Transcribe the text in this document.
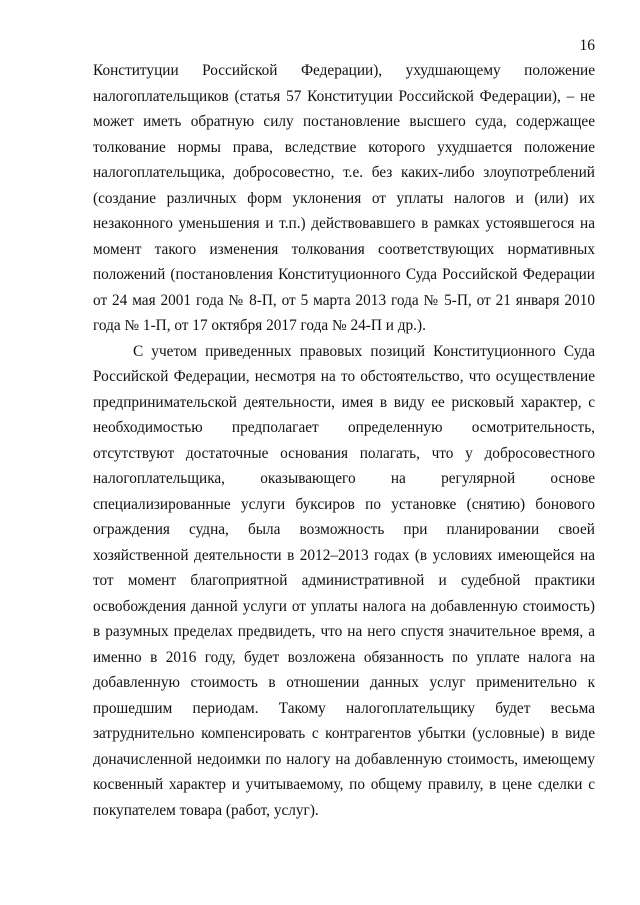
16

Конституции Российской Федерации), ухудшающему положение налогоплательщиков (статья 57 Конституции Российской Федерации), – не может иметь обратную силу постановление высшего суда, содержащее толкование нормы права, вследствие которого ухудшается положение налогоплательщика, добросовестно, т.е. без каких-либо злоупотреблений (создание различных форм уклонения от уплаты налогов и (или) их незаконного уменьшения и т.п.) действовавшего в рамках устоявшегося на момент такого изменения толкования соответствующих нормативных положений (постановления Конституционного Суда Российской Федерации от 24 мая 2001 года № 8-П, от 5 марта 2013 года № 5-П, от 21 января 2010 года № 1-П, от 17 октября 2017 года № 24-П и др.).

С учетом приведенных правовых позиций Конституционного Суда Российской Федерации, несмотря на то обстоятельство, что осуществление предпринимательской деятельности, имея в виду ее рисковый характер, с необходимостью предполагает определенную осмотрительность, отсутствуют достаточные основания полагать, что у добросовестного налогоплательщика, оказывающего на регулярной основе специализированные услуги буксиров по установке (снятию) бонового ограждения судна, была возможность при планировании своей хозяйственной деятельности в 2012–2013 годах (в условиях имеющейся на тот момент благоприятной административной и судебной практики освобождения данной услуги от уплаты налога на добавленную стоимость) в разумных пределах предвидеть, что на него спустя значительное время, а именно в 2016 году, будет возложена обязанность по уплате налога на добавленную стоимость в отношении данных услуг применительно к прошедшим периодам. Такому налогоплательщику будет весьма затруднительно компенсировать с контрагентов убытки (условные) в виде доначисленной недоимки по налогу на добавленную стоимость, имеющему косвенный характер и учитываемому, по общему правилу, в цене сделки с покупателем товара (работ, услуг).
